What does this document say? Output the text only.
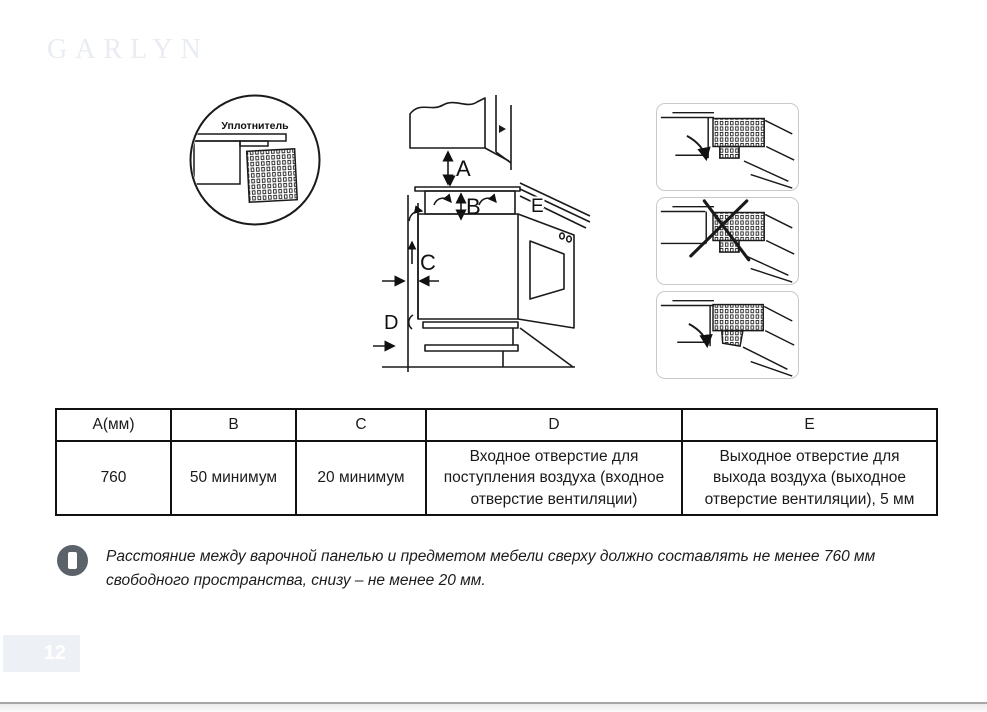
GARLYN
Уплотнитель
A
B
C
D
E
А(мм)	B	C	D	E
760	50 минимум	20 минимум	Входное отверстие для поступления воздуха (входное отверстие вентиляции)	Выходное отверстие для выхода воздуха (выходное отверстие вентиляции), 5 мм

Расстояние между варочной панелью и предметом мебели сверху должно составлять не менее 760 мм свободного пространства, снизу – не менее 20 мм.

12
